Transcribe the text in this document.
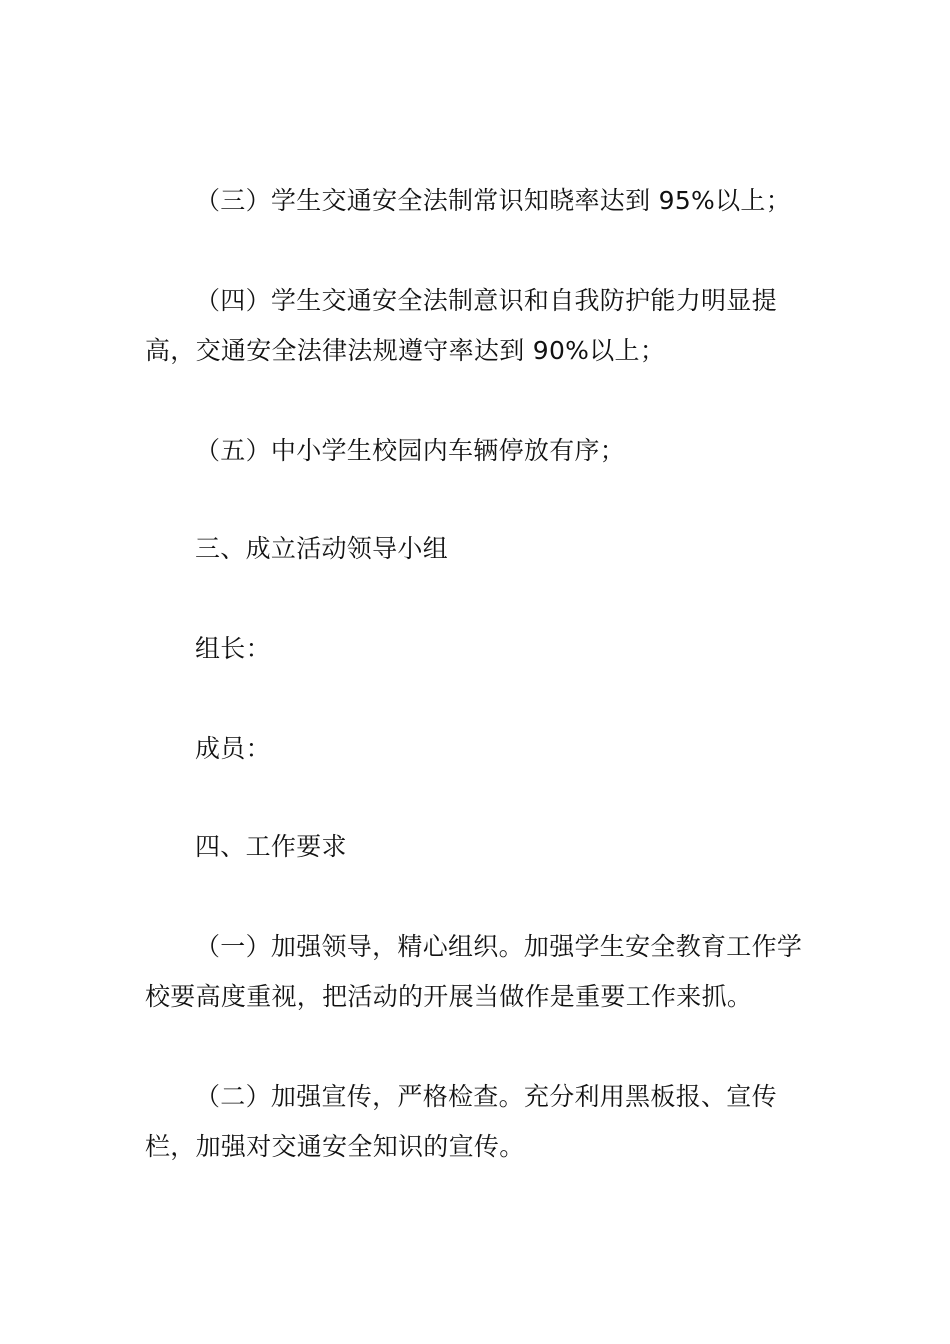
（三）学生交通安全法制常识知晓率达到 95%以上；

（四）学生交通安全法制意识和自我防护能力明显提高，交通安全法律法规遵守率达到 90%以上；

（五）中小学生校园内车辆停放有序；

三、成立活动领导小组

组长：

成员：

四、工作要求

（一）加强领导，精心组织。加强学生安全教育工作学校要高度重视，把活动的开展当做作是重要工作来抓。

（二）加强宣传，严格检查。充分利用黑板报、宣传栏，加强对交通安全知识的宣传。
